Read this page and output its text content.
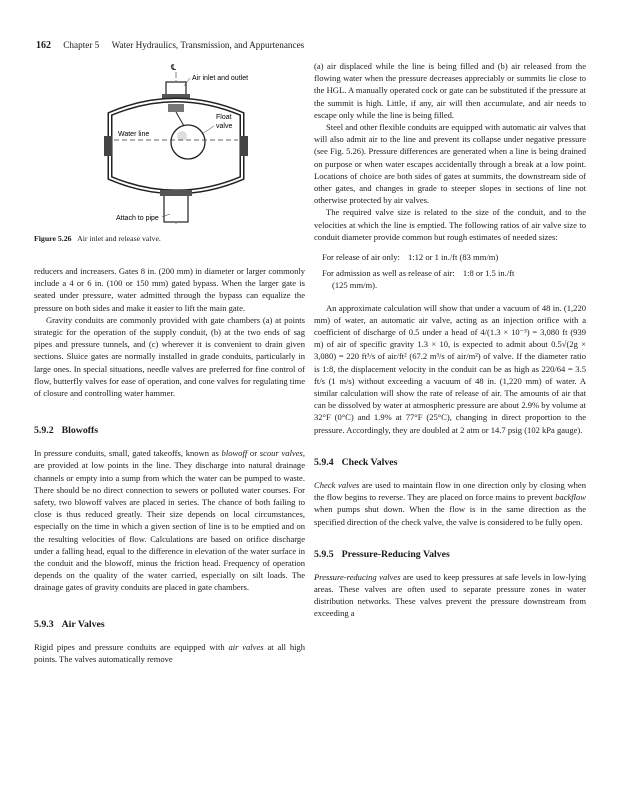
162 Chapter 5 Water Hydraulics, Transmission, and Appurtenances
℄
Air inlet and outlet
Float
valve
Water line
Attach to pipe
Figure 5.26 Air inlet and release valve.

reducers and increasers. Gates 8 in. (200 mm) in diameter or larger commonly include a 4 or 6 in. (100 or 150 mm) gated bypass. When the larger gate is seated under pressure, water admitted through the bypass can equalize the pressure on both sides and make it easier to lift the main gate.

Gravity conduits are commonly provided with gate chambers (a) at points strategic for the operation of the supply conduit, (b) at the two ends of sag pipes and pressure tunnels, and (c) wherever it is convenient to drain given sections. Sluice gates are normally installed in grade conduits, particularly in large ones. In special situations, needle valves are preferred for fine control of flow, butterfly valves for ease of operation, and cone valves for regulating time of closure and controlling water hammer.

5.9.2 Blowoffs

In pressure conduits, small, gated takeoffs, known as blowoff or scour valves, are provided at low points in the line. They discharge into natural drainage channels or empty into a sump from which the water can be pumped to waste. There should be no direct connection to sewers or polluted water courses. For safety, two blowoff valves are placed in series. The chance of both failing to close is thus reduced greatly. Their size depends on local circumstances, especially on the time in which a given section of line is to be emptied and on the resulting velocities of flow. Calculations are based on orifice discharge under a falling head, equal to the difference in elevation of the water surface in the conduit and the blowoff, minus the friction head. Frequency of operation depends on the quality of the water carried, especially on silt loads. The drainage gates of gravity conduits are placed in gate chambers.

5.9.3 Air Valves

Rigid pipes and pressure conduits are equipped with air valves at all high points. The valves automatically remove

(a) air displaced while the line is being filled and (b) air released from the flowing water when the pressure decreases appreciably or summits lie close to the HGL. A manually operated cock or gate can be substituted if the pressure at the summit is high. Little, if any, air will then accumulate, and air needs to escape only while the line is being filled.

Steel and other flexible conduits are equipped with automatic air valves that will also admit air to the line and prevent its collapse under negative pressure (see Fig. 5.26). Pressure differences are generated when a line is being drained on purpose or when water escapes accidentally through a break at a low point. Locations of choice are both sides of gates at summits, the downstream side of other gates, and changes in grade to steeper slopes in sections of line not otherwise protected by air valves.

The required valve size is related to the size of the conduit, and to the velocities at which the line is emptied. The following ratios of air valve size to conduit diameter provide common but rough estimates of needed sizes:

For release of air only: 1:12 or 1 in./ft (83 mm/m)
For admission as well as release of air: 1:8 or 1.5 in./ft
(125 mm/m).

An approximate calculation will show that under a vacuum of 48 in. (1,220 mm) of water, an automatic air valve, acting as an injection orifice with a coefficient of discharge of 0.5 under a head of 4/(1.3 × 10⁻³) = 3,080 ft (939 m) of air of specific gravity 1.3 × 10, is expected to admit about 0.5√(2g × 3,080) = 220 ft³/s of air/ft² (67.2 m³/s of air/m²) of valve. If the diameter ratio is 1:8, the displacement velocity in the conduit can be as high as 220/64 = 3.5 ft/s (1 m/s) without exceeding a vacuum of 48 in. (1,220 mm) of water. A similar calculation will show the rate of release of air. The amounts of air that can be dissolved by water at atmospheric pressure are about 2.9% by volume at 32°F (0°C) and 1.9% at 77°F (25°C), changing in direct proportion to the pressure. Accordingly, they are doubled at 2 atm or 14.7 psig (102 kPa gauge).

5.9.4 Check Valves

Check valves are used to maintain flow in one direction only by closing when the flow begins to reverse. They are placed on force mains to prevent backflow when pumps shut down. When the flow is in the same direction as the specified direction of the check valve, the valve is considered to be fully open.

5.9.5 Pressure-Reducing Valves

Pressure-reducing valves are used to keep pressures at safe levels in low-lying areas. These valves are often used to separate pressure zones in water distribution networks. These valves prevent the pressure downstream from exceeding a
